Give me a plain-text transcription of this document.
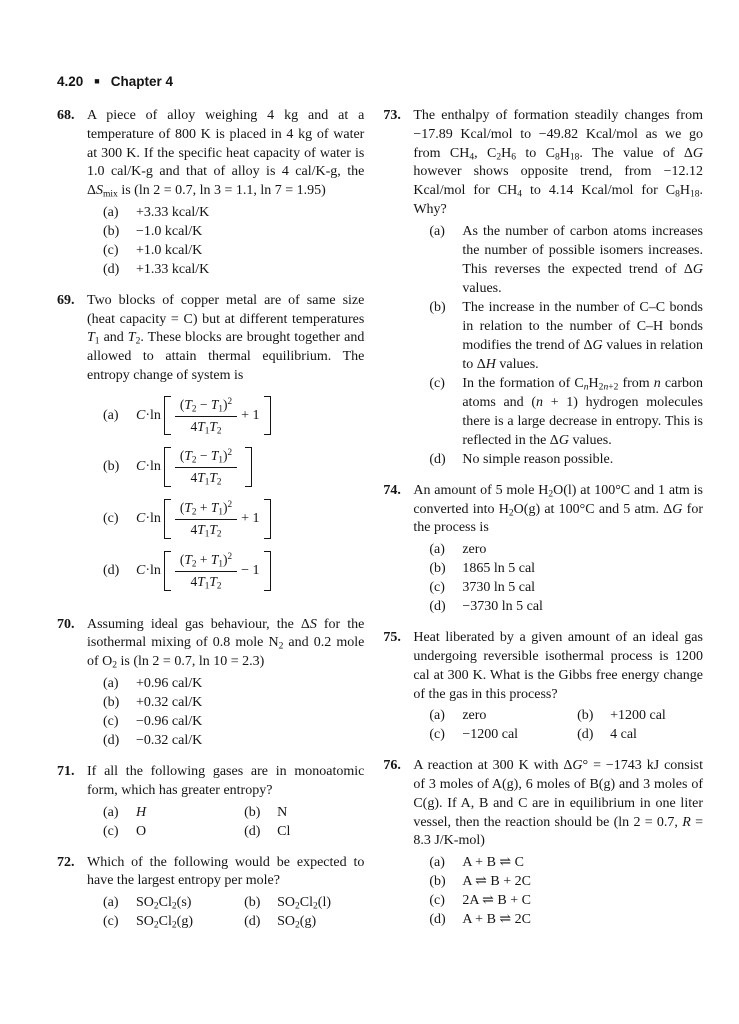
4.20 ■ Chapter 4
68. A piece of alloy weighing 4 kg and at a temperature of 800 K is placed in 4 kg of water at 300 K. If the specific heat capacity of water is 1.0 cal/K-g and that of alloy is 4 cal/K-g, the $\Delta S_{mix}$ is (ln 2 = 0.7, ln 3 = 1.1, ln 7 = 1.95)

(a)	+3.33 kcal/K
(b)	−1.0 kcal/K
(c)	+1.0 kcal/K
(d)	+1.33 kcal/K
69. Two blocks of copper metal are of same size (heat capacity = C) but at different temperatures $T_1$ and $T_2$. These blocks are brought together and allowed to attain thermal equilibrium. The entropy change of system is

(a)	$C\cdot\ln \frac{(T_2 - T_1)^2}{4T_1T_2} + 1$
(b)	$C\cdot\ln \frac{(T_2 - T_1)^2}{4T_1T_2}$
(c)	$C\cdot\ln \frac{(T_2 + T_1)^2}{4T_1T_2} + 1$
(d)	$C\cdot\ln \frac{(T_2 + T_1)^2}{4T_1T_2} - 1$
70. Assuming ideal gas behaviour, the ΔS for the isothermal mixing of 0.8 mole $N_2$ and 0.2 mole of $O_2$ is (ln 2 = 0.7, ln 10 = 2.3)

(a)	+0.96 cal/K
(b)	+0.32 cal/K
(c)	−0.96 cal/K
(d)	−0.32 cal/K
71. If all the following gases are in monoatomic form, which has greater entropy?

(a)	H	(b)	N
(c)	O	(d)	Cl
72. Which of the following would be expected to have the largest entropy per mole?

(a)	$SO_2Cl_2(s)$	(b)	$SO_2Cl_2(l)$
(c)	$SO_2Cl_2(g)$	(d)	$SO_2(g)$
73. The enthalpy of formation steadily changes from −17.89 Kcal/mol to −49.82 Kcal/mol as we go from $CH_4$, $C_2H_6$ to $C_8H_{18}$. The value of ΔG however shows opposite trend, from −12.12 Kcal/mol for $CH_4$ to 4.14 Kcal/mol for $C_8H_{18}$. Why?

(a)	As the number of carbon atoms increases the number of possible isomers increases. This reverses the expected trend of ΔG values.
(b)	The increase in the number of C–C bonds in relation to the number of C–H bonds modifies the trend of ΔG values in relation to ΔH values.
(c)	In the formation of $C_nH_{2n+2}$ from n carbon atoms and (n + 1) hydrogen molecules there is a large decrease in entropy. This is reflected in the ΔG values.
(d)	No simple reason possible.
74. An amount of 5 mole $H_2O(l)$ at 100°C and 1 atm is converted into $H_2O(g)$ at 100°C and 5 atm. ΔG for the process is

(a)	zero
(b)	1865 ln 5 cal
(c)	3730 ln 5 cal
(d)	−3730 ln 5 cal
75. Heat liberated by a given amount of an ideal gas undergoing reversible isothermal process is 1200 cal at 300 K. What is the Gibbs free energy change of the gas in this process?

(a)	zero	(b)	+1200 cal
(c)	−1200 cal	(d)	4 cal
76. A reaction at 300 K with ΔG° = −1743 kJ consist of 3 moles of A(g), 6 moles of B(g) and 3 moles of C(g). If A, B and C are in equilibrium in one liter vessel, then the reaction should be (ln 2 = 0.7, R = 8.3 J/K-mol)

(a)	A + B ⇌ C
(b)	A ⇌ B + 2C
(c)	2A ⇌ B + C
(d)	A + B ⇌ 2C
